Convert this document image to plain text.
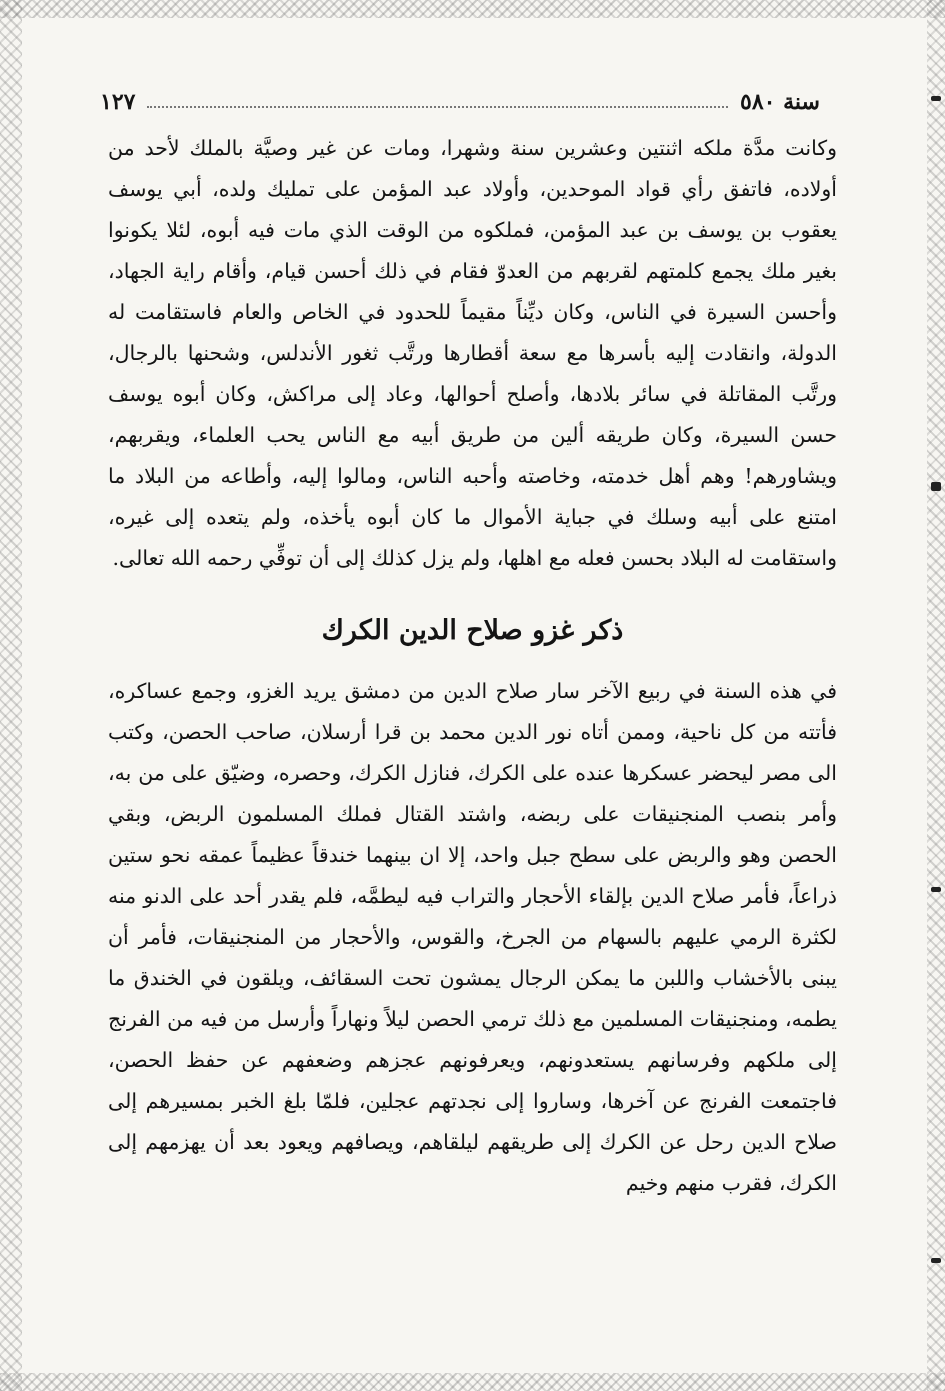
سنة ٥٨٠
١٢٧

وكانت مدَّة ملكه اثنتين وعشرين سنة وشهرا، ومات عن غير وصيَّة بالملك لأحد من أولاده، فاتفق رأي قواد الموحدين، وأولاد عبد المؤمن على تمليك ولده، أبي يوسف يعقوب بن يوسف بن عبد المؤمن، فملكوه من الوقت الذي مات فيه أبوه، لئلا يكونوا بغير ملك يجمع كلمتهم لقربهم من العدوّ فقام في ذلك أحسن قيام، وأقام راية الجهاد، وأحسن السيرة في الناس، وكان ديِّناً مقيماً للحدود في الخاص والعام فاستقامت له الدولة، وانقادت إليه بأسرها مع سعة أقطارها ورتَّب ثغور الأندلس، وشحنها بالرجال، ورتَّب المقاتلة في سائر بلادها، وأصلح أحوالها، وعاد إلى مراكش، وكان أبوه يوسف حسن السيرة، وكان طريقه ألين من طريق أبيه مع الناس يحب العلماء، ويقربهم، ويشاورهم! وهم أهل خدمته، وخاصته وأحبه الناس، ومالوا إليه، وأطاعه من البلاد ما امتنع على أبيه وسلك في جباية الأموال ما كان أبوه يأخذه، ولم يتعده إلى غيره، واستقامت له البلاد بحسن فعله مع اهلها، ولم يزل كذلك إلى أن توفِّي رحمه الله تعالى.

ذكر غزو صلاح الدين الكرك

في هذه السنة في ربيع الآخر سار صلاح الدين من دمشق يريد الغزو، وجمع عساكره، فأتته من كل ناحية، وممن أتاه نور الدين محمد بن قرا أرسلان، صاحب الحصن، وكتب الى مصر ليحضر عسكرها عنده على الكرك، فنازل الكرك، وحصره، وضيّق على من به، وأمر بنصب المنجنيقات على ربضه، واشتد القتال فملك المسلمون الربض، وبقي الحصن وهو والربض على سطح جبل واحد، إلا ان بينهما خندقاً عظيماً عمقه نحو ستين ذراعاً، فأمر صلاح الدين بإلقاء الأحجار والتراب فيه ليطمَّه، فلم يقدر أحد على الدنو منه لكثرة الرمي عليهم بالسهام من الجرخ، والقوس، والأحجار من المنجنيقات، فأمر أن يبنى بالأخشاب واللبن ما يمكن الرجال يمشون تحت السقائف، ويلقون في الخندق ما يطمه، ومنجنيقات المسلمين مع ذلك ترمي الحصن ليلاً ونهاراً وأرسل من فيه من الفرنج إلى ملكهم وفرسانهم يستعدونهم، ويعرفونهم عجزهم وضعفهم عن حفظ الحصن، فاجتمعت الفرنج عن آخرها، وساروا إلى نجدتهم عجلين، فلمّا بلغ الخبر بمسيرهم إلى صلاح الدين رحل عن الكرك إلى طريقهم ليلقاهم، ويصافهم ويعود بعد أن يهزمهم إلى الكرك، فقرب منهم وخيم
